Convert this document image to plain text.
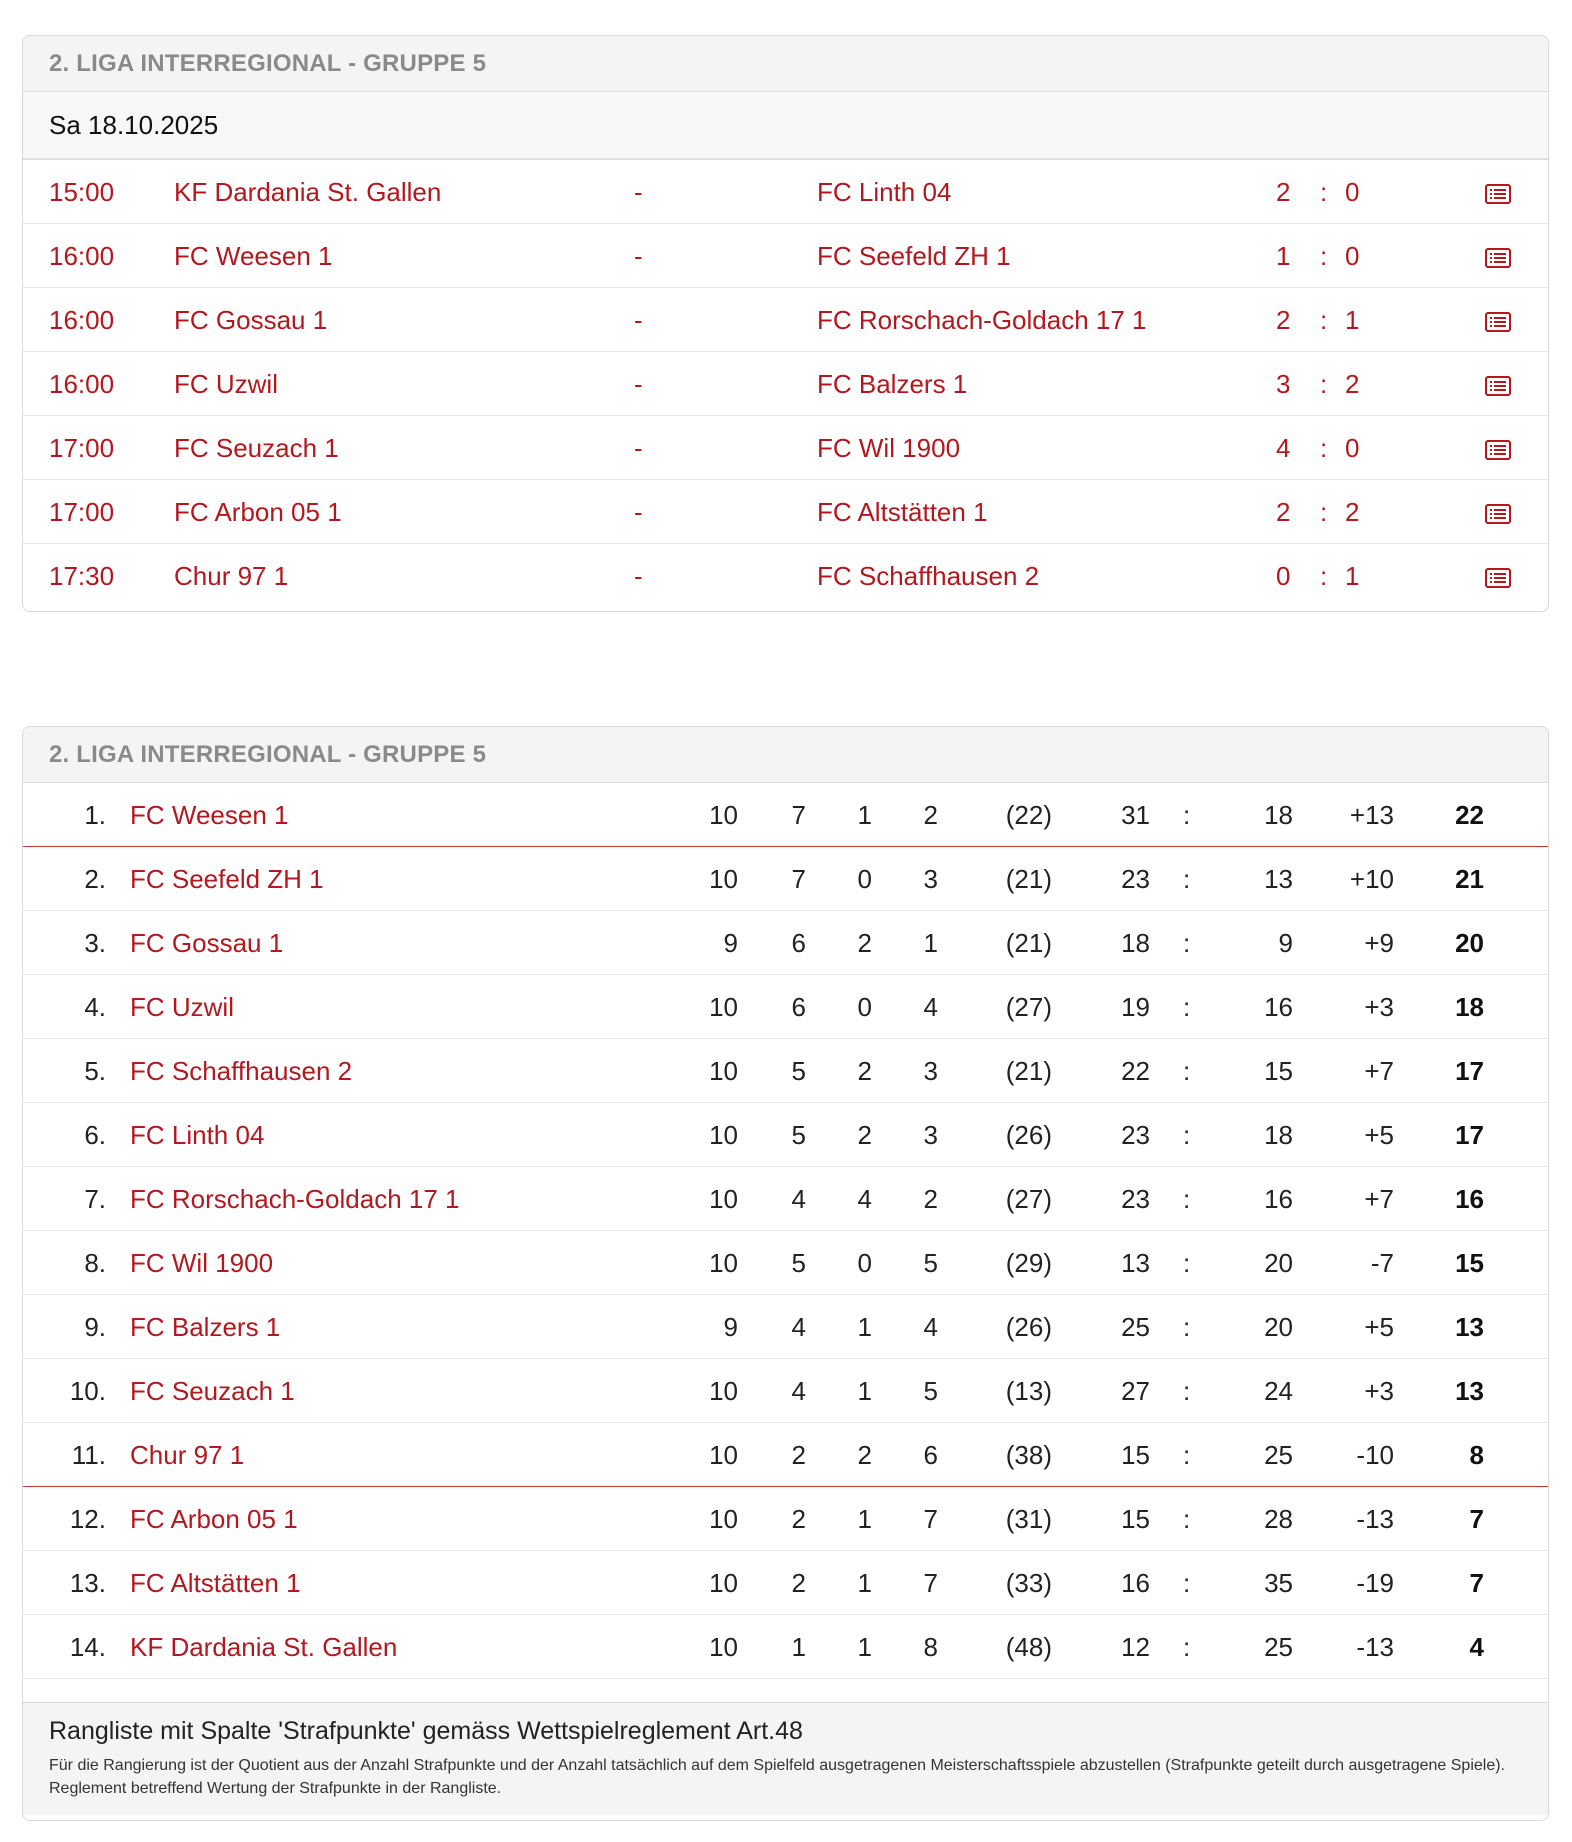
2. LIGA INTERREGIONAL - GRUPPE 5
Sa 18.10.2025
15:00 KF Dardania St. Gallen	-	FC Linth 04	2 : 0
16:00 FC Weesen 1	-	FC Seefeld ZH 1	1 : 0
16:00 FC Gossau 1	-	FC Rorschach-Goldach 17 1	2 : 1
16:00 FC Uzwil	-	FC Balzers 1	3 : 2
17:00 FC Seuzach 1	-	FC Wil 1900	4 : 0
17:00 FC Arbon 05 1	-	FC Altstätten 1	2 : 2
17:30 Chur 97 1	-	FC Schaffhausen 2	0 : 1
2. LIGA INTERREGIONAL - GRUPPE 5
1. FC Weesen 1	10 7 1 2	(22)	31 :	18 +13 22
2. FC Seefeld ZH 1	10 7 0 3	(21)	23 :	13 +10 21
3. FC Gossau 1	9 6 2 1	(21)	18 :	9	+9 20
4. FC Uzwil	10 6 0 4	(27)	19 :	16	+3 18
5. FC Schaffhausen 2	10 5 2 3	(21)	22 :	15	+7 17
6. FC Linth 04	10 5 2 3	(26)	23 :	18	+5 17
7. FC Rorschach-Goldach 17 1	10 4 4 2	(27)	23 :	16	+7 16
8. FC Wil 1900	10 5 0 5	(29)	13 :	20	-7 15
9. FC Balzers 1	9 4 1 4	(26)	25 :	20	+5 13
10. FC Seuzach 1	10 4 1 5	(13)	27 :	24	+3 13
11. Chur 97 1	10 2 2 6	(38)	15 :	25 -10	8
12. FC Arbon 05 1	10 2 1 7	(31)	15 :	28 -13	7
13. FC Altstätten 1	10 2 1 7	(33)	16 :	35 -19	7
14. KF Dardania St. Gallen	10 1 1 8	(48)	12 :	25 -13	4
Rangliste mit Spalte 'Strafpunkte' gemäss Wettspielreglement Art.48
Für die Rangierung ist der Quotient aus der Anzahl Strafpunkte und der Anzahl tatsächlich auf dem Spielfeld ausgetragenen Meisterschaftsspiele abzustellen (Strafpunkte geteilt durch ausgetragene Spiele). Reglement betreffend Wertung der Strafpunkte in der Rangliste.
